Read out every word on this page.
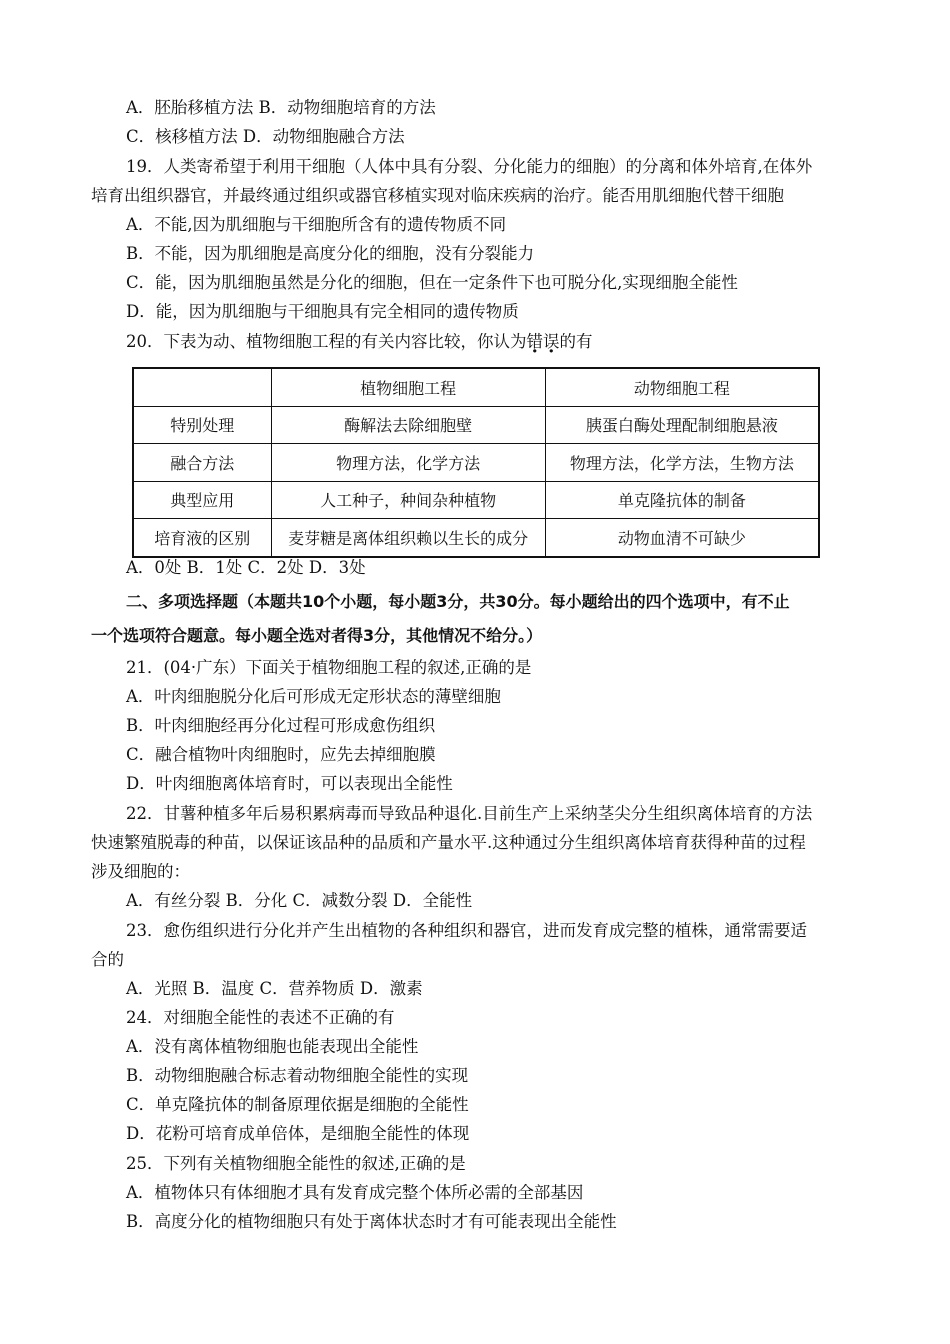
A．胚胎移植方法 B．动物细胞培育的方法
C．核移植方法 D．动物细胞融合方法
19．人类寄希望于利用干细胞（人体中具有分裂、分化能力的细胞）的分离和体外培育,在体外
培育出组织器官，并最终通过组织或器官移植实现对临床疾病的治疗。能否用肌细胞代替干细胞
A．不能,因为肌细胞与干细胞所含有的遗传物质不同
B．不能，因为肌细胞是高度分化的细胞，没有分裂能力
C．能，因为肌细胞虽然是分化的细胞，但在一定条件下也可脱分化,实现细胞全能性
D．能，因为肌细胞与干细胞具有完全相同的遗传物质
20．下表为动、植物细胞工程的有关内容比较，你认为错误的有
	植物细胞工程	动物细胞工程
特别处理	酶解法去除细胞壁	胰蛋白酶处理配制细胞悬液
融合方法	物理方法，化学方法	物理方法，化学方法，生物方法
典型应用	人工种子，种间杂种植物	单克隆抗体的制备
培育液的区别	麦芽糖是离体组织赖以生长的成分	动物血清不可缺少
A．0处 B．1处 C．2处 D．3处
二、多项选择题（本题共10个小题，每小题3分，共30分。每小题给出的四个选项中，有不止
一个选项符合题意。每小题全选对者得3分，其他情况不给分。）
21．(04·广东）下面关于植物细胞工程的叙述,正确的是
A．叶肉细胞脱分化后可形成无定形状态的薄壁细胞
B．叶肉细胞经再分化过程可形成愈伤组织
C．融合植物叶肉细胞时，应先去掉细胞膜
D．叶肉细胞离体培育时，可以表现出全能性
22．甘薯种植多年后易积累病毒而导致品种退化.目前生产上采纳茎尖分生组织离体培育的方法
快速繁殖脱毒的种苗，以保证该品种的品质和产量水平.这种通过分生组织离体培育获得种苗的过程
涉及细胞的：
A．有丝分裂 B．分化 C．减数分裂 D．全能性
23．愈伤组织进行分化并产生出植物的各种组织和器官，进而发育成完整的植株，通常需要适
合的
A．光照 B．温度 C．营养物质 D．激素
24．对细胞全能性的表述不正确的有
A．没有离体植物细胞也能表现出全能性
B．动物细胞融合标志着动物细胞全能性的实现
C．单克隆抗体的制备原理依据是细胞的全能性
D．花粉可培育成单倍体，是细胞全能性的体现
25．下列有关植物细胞全能性的叙述,正确的是
A．植物体只有体细胞才具有发育成完整个体所必需的全部基因
B．高度分化的植物细胞只有处于离体状态时才有可能表现出全能性
